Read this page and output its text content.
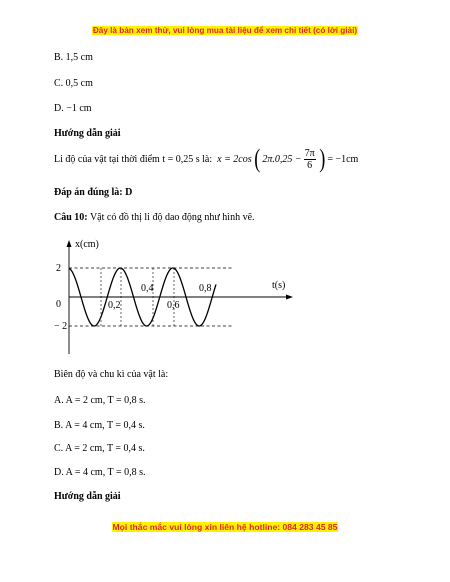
Đây là bản xem thử, vui lòng mua tài liệu để xem chi tiết (có lời giải)
B. 1,5 cm
C. 0,5 cm
D. −1 cm
Hướng dẫn giải
Li độ của vật tại thời điểm t = 0,25 s là: x = 2cos ( $2\pi.0,25 - \frac{7\pi}{6}$ ) = −1cm
Đáp án đúng là: D
Câu 10: Vật có đồ thị li độ dao động như hình vẽ.
x(cm)
t(s)
2
0
− 2
0,2
0,4
0,6
0,8
Biên độ và chu kì của vật là:
A. A = 2 cm, T = 0,8 s.
B. A = 4 cm, T = 0,4 s.
C. A = 2 cm, T = 0,4 s.
D. A = 4 cm, T = 0,8 s.
Hướng dẫn giải
Mọi thắc mắc vui lòng xin liên hệ hotline: 084 283 45 85
